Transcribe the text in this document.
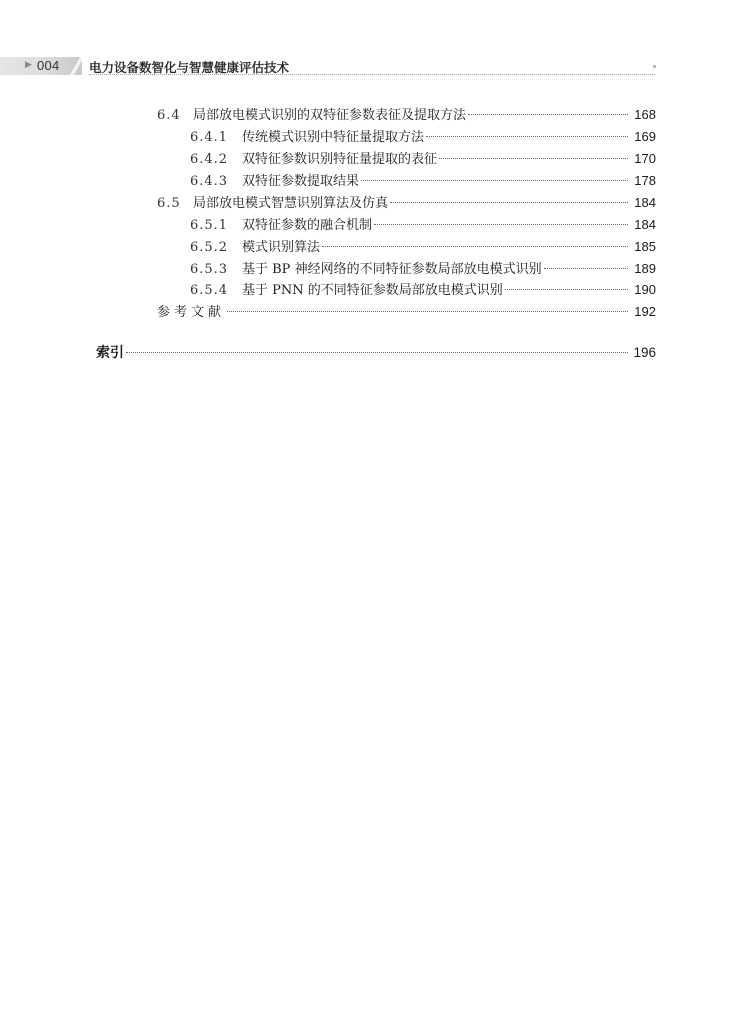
▶ 004 电力设备数智化与智慧健康评估技术
6.4 局部放电模式识别的双特征参数表征及提取方法	168
6.4.1	传统模式识别中特征量提取方法	169
6.4.2	双特征参数识别特征量提取的表征	170
6.4.3	双特征参数提取结果	178
6.5 局部放电模式智慧识别算法及仿真	184
6.5.1	双特征参数的融合机制	184
6.5.2	模式识别算法	185
6.5.3	基于 BP 神经网络的不同特征参数局部放电模式识别	189
6.5.4	基于 PNN 的不同特征参数局部放电模式识别	190
参考文献	192
索引	196
